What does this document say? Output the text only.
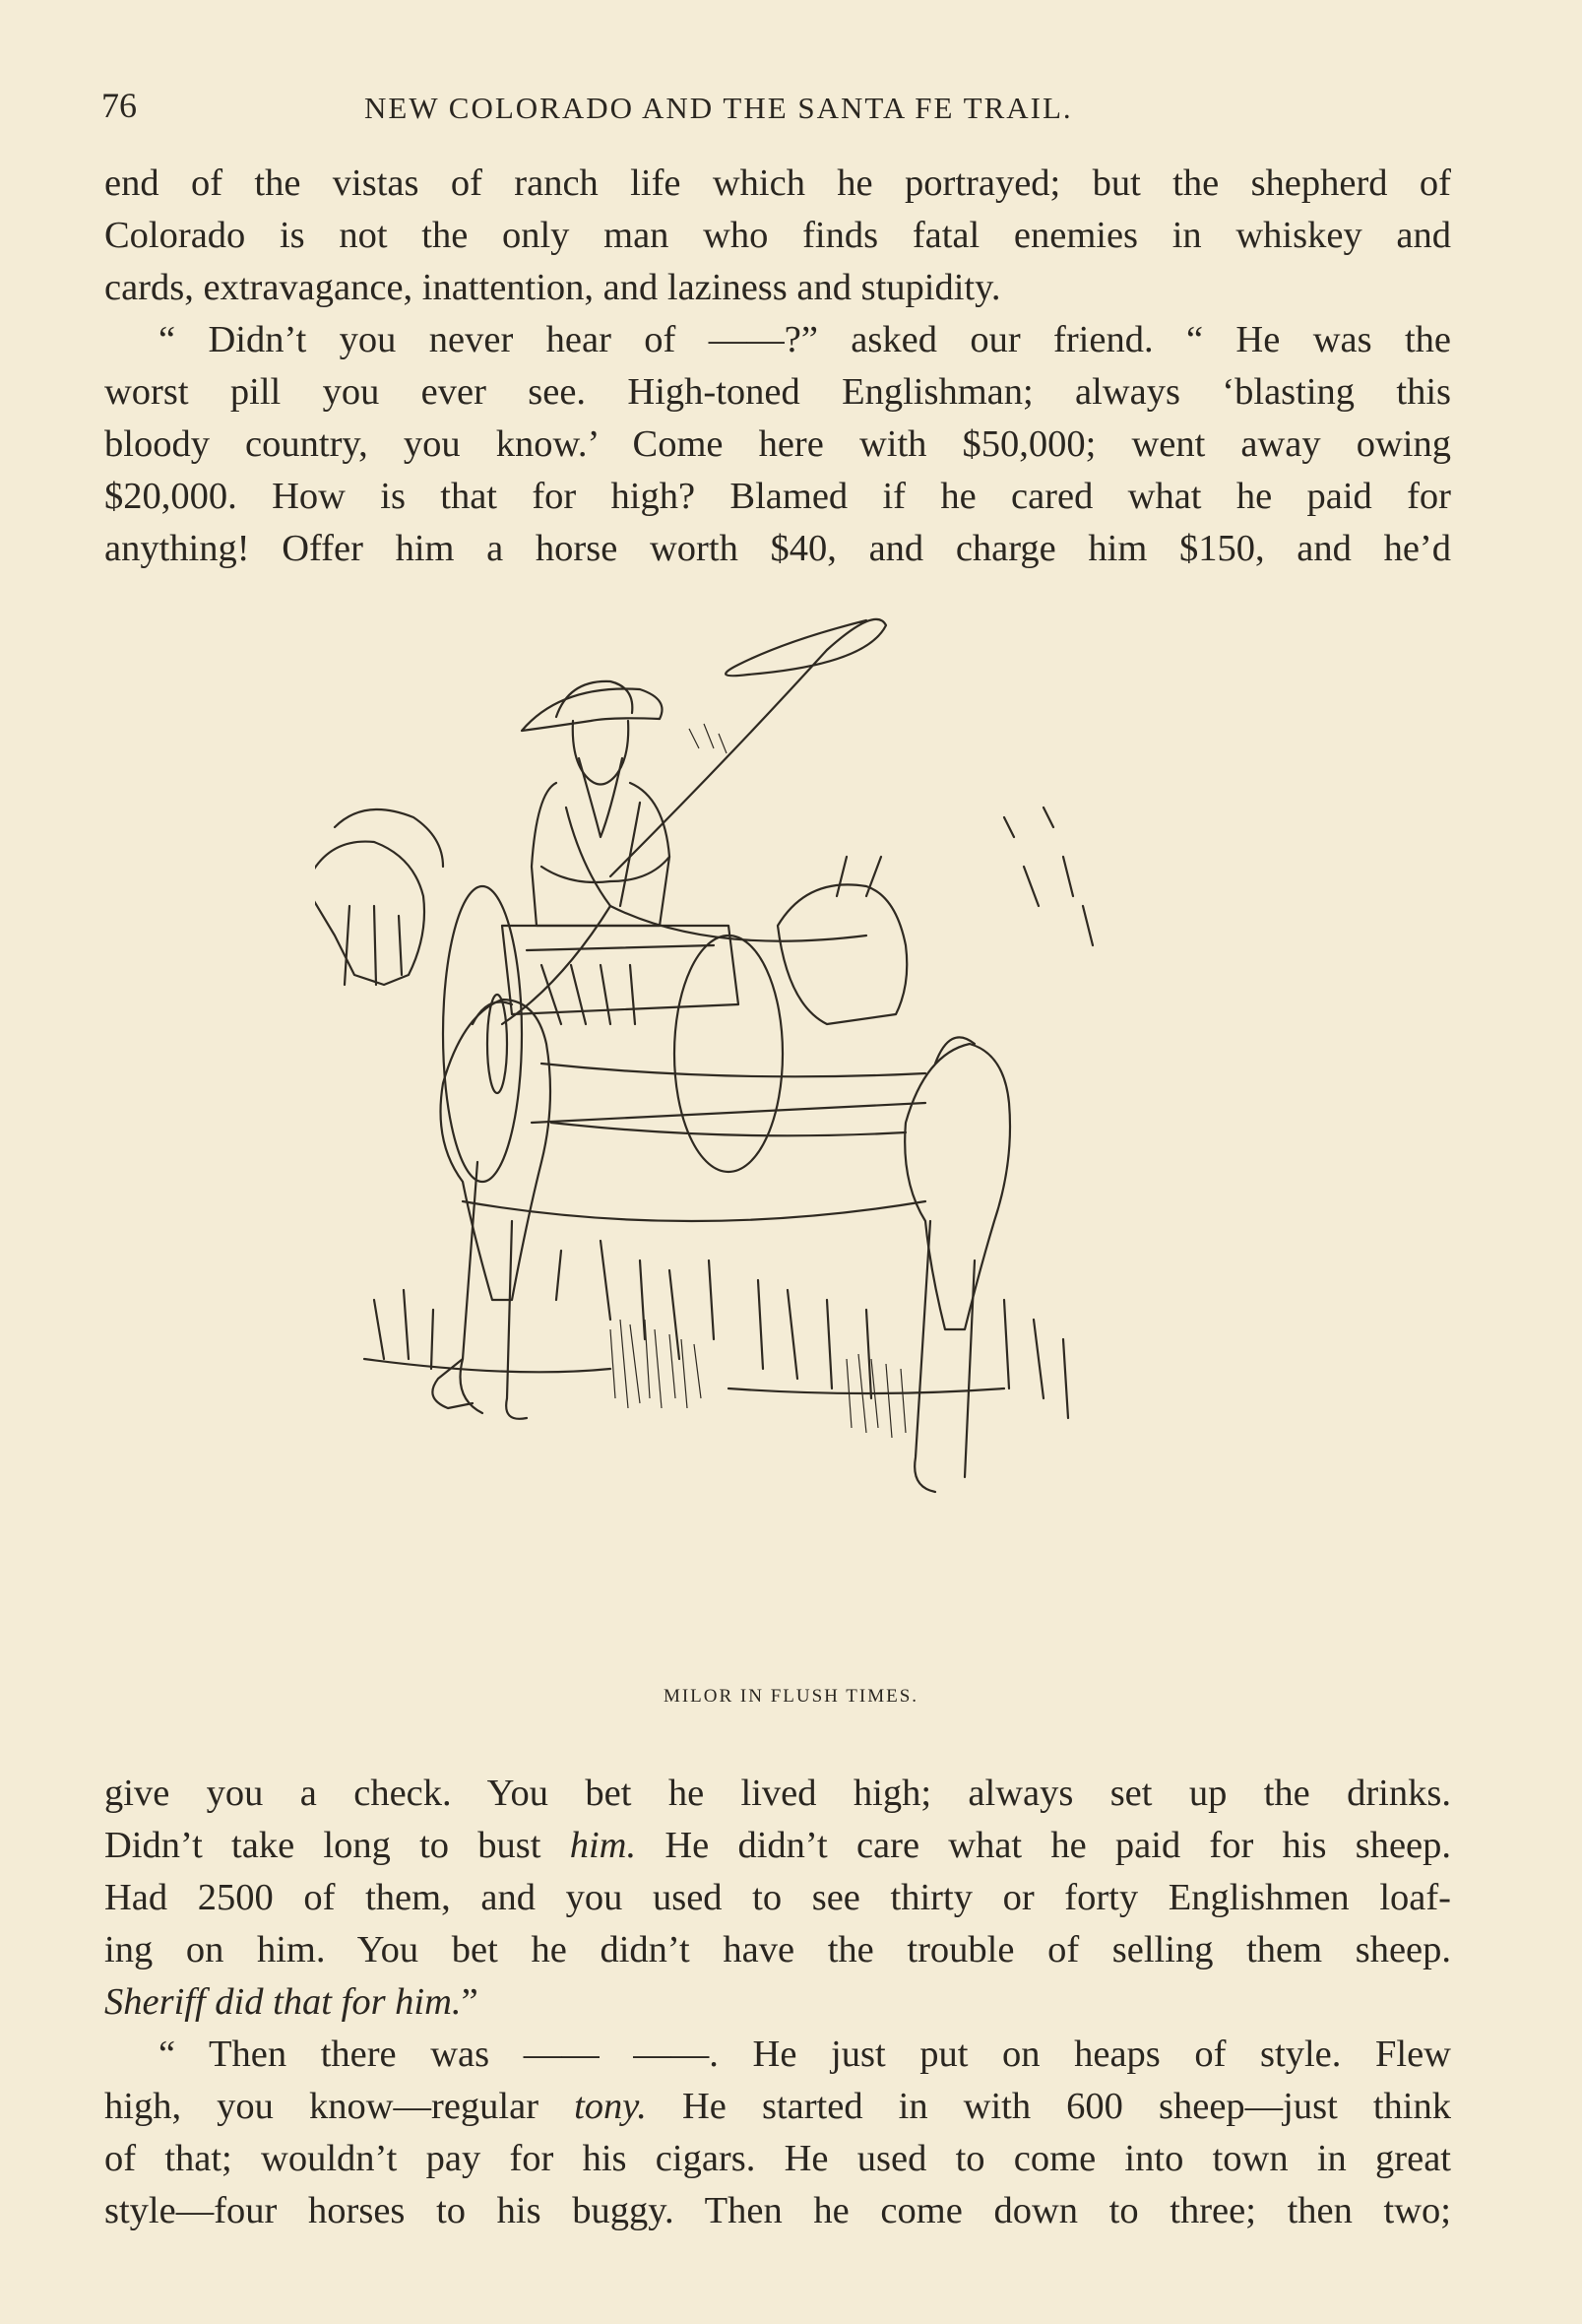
76	NEW COLORADO AND THE SANTA FE TRAIL.
end of the vistas of ranch life which he portrayed; but the shepherd of
Colorado is not the only man who finds fatal enemies in whiskey and
cards, extravagance, inattention, and laziness and stupidity.
“ Didn’t you never hear of ——?” asked our friend. “ He was the
worst pill you ever see. High-toned Englishman; always ‘blasting this
bloody country, you know.’ Come here with $50,000; went away owing
$20,000. How is that for high? Blamed if he cared what he paid for
anything! Offer him a horse worth $40, and charge him $150, and he’d
MILOR IN FLUSH TIMES.
give you a check. You bet he lived high; always set up the drinks.
Didn’t take long to bust him. He didn’t care what he paid for his sheep.
Had 2500 of them, and you used to see thirty or forty Englishmen loaf-
ing on him. You bet he didn’t have the trouble of selling them sheep.
Sheriff did that for him.”
“ Then there was —— ——. He just put on heaps of style. Flew
high, you know—regular tony. He started in with 600 sheep—just think
of that; wouldn’t pay for his cigars. He used to come into town in great
style—four horses to his buggy. Then he come down to three; then two;
